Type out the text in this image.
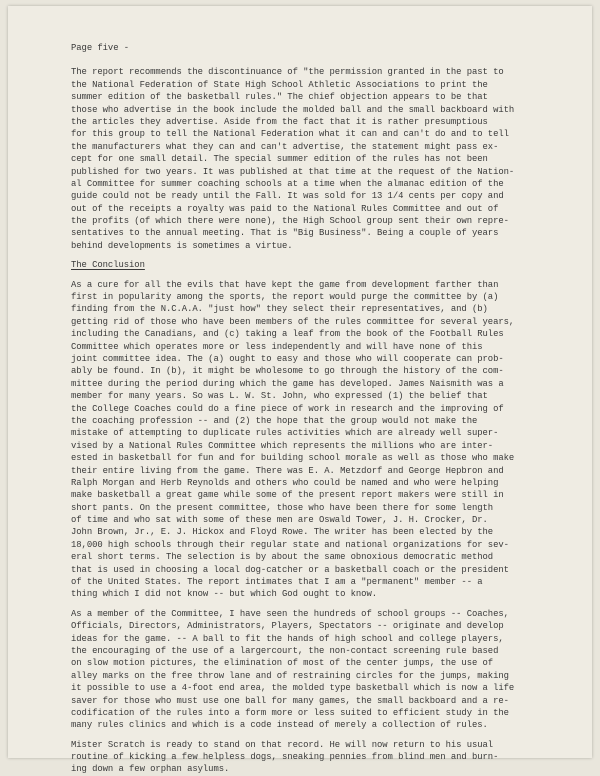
Page five -
The report recommends the discontinuance of "the permission granted in the past to
the National Federation of State High School Athletic Associations to print the
summer edition of the basketball rules." The chief objection appears to be that
those who advertise in the book include the molded ball and the small backboard with
the articles they advertise. Aside from the fact that it is rather presumptious
for this group to tell the National Federation what it can and can't do and to tell
the manufacturers what they can and can't advertise, the statement might pass ex-
cept for one small detail. The special summer edition of the rules has not been
published for two years. It was published at that time at the request of the Nation-
al Committee for summer coaching schools at a time when the almanac edition of the
guide could not be ready until the Fall. It was sold for 13 1/4 cents per copy and
out of the receipts a royalty was paid to the National Rules Committee and out of
the profits (of which there were none), the High School group sent their own repre-
sentatives to the annual meeting. That is "Big Business". Being a couple of years
behind developments is sometimes a virtue.
The Conclusion
As a cure for all the evils that have kept the game from development farther than
first in popularity among the sports, the report would purge the committee by (a)
finding from the N.C.A.A. "just how" they select their representatives, and (b)
getting rid of those who have been members of the rules committee for several years,
including the Canadians, and (c) taking a leaf from the book of the Football Rules
Committee which operates more or less independently and will have none of this
joint committee idea. The (a) ought to easy and those who will cooperate can prob-
ably be found. In (b), it might be wholesome to go through the history of the com-
mittee during the period during which the game has developed. James Naismith was a
member for many years. So was L. W. St. John, who expressed (1) the belief that
the College Coaches could do a fine piece of work in research and the improving of
the coaching profession -- and (2) the hope that the group would not make the
mistake of attempting to duplicate rules activities which are already well super-
vised by a National Rules Committee which represents the millions who are inter-
ested in basketball for fun and for building school morale as well as those who make
their entire living from the game. There was E. A. Metzdorf and George Hepbron and
Ralph Morgan and Herb Reynolds and others who could be named and who were helping
make basketball a great game while some of the present report makers were still in
short pants. On the present committee, those who have been there for some length
of time and who sat with some of these men are Oswald Tower, J. H. Crocker, Dr.
John Brown, Jr., E. J. Hickox and Floyd Rowe. The writer has been elected by the
18,000 high schools through their regular state and national organizations for sev-
eral short terms. The selection is by about the same obnoxious democratic method
that is used in choosing a local dog-catcher or a basketball coach or the president
of the United States. The report intimates that I am a "permanent" member -- a
thing which I did not know -- but which God ought to know.
As a member of the Committee, I have seen the hundreds of school groups -- Coaches,
Officials, Directors, Administrators, Players, Spectators -- originate and develop
ideas for the game. -- A ball to fit the hands of high school and college players,
the encouraging of the use of a largercourt, the non-contact screening rule based
on slow motion pictures, the elimination of most of the center jumps, the use of
alley marks on the free throw lane and of restraining circles for the jumps, making
it possible to use a 4-foot end area, the molded type basketball which is now a life
saver for those who must use one ball for many games, the small backboard and a re-
codification of the rules into a form more or less suited to efficient study in the
many rules clinics and which is a code instead of merely a collection of rules.
Mister Scratch is ready to stand on that record. He will now return to his usual
routine of kicking a few helpless dogs, sneaking pennies from blind men and burn-
ing down a few orphan asylums.
